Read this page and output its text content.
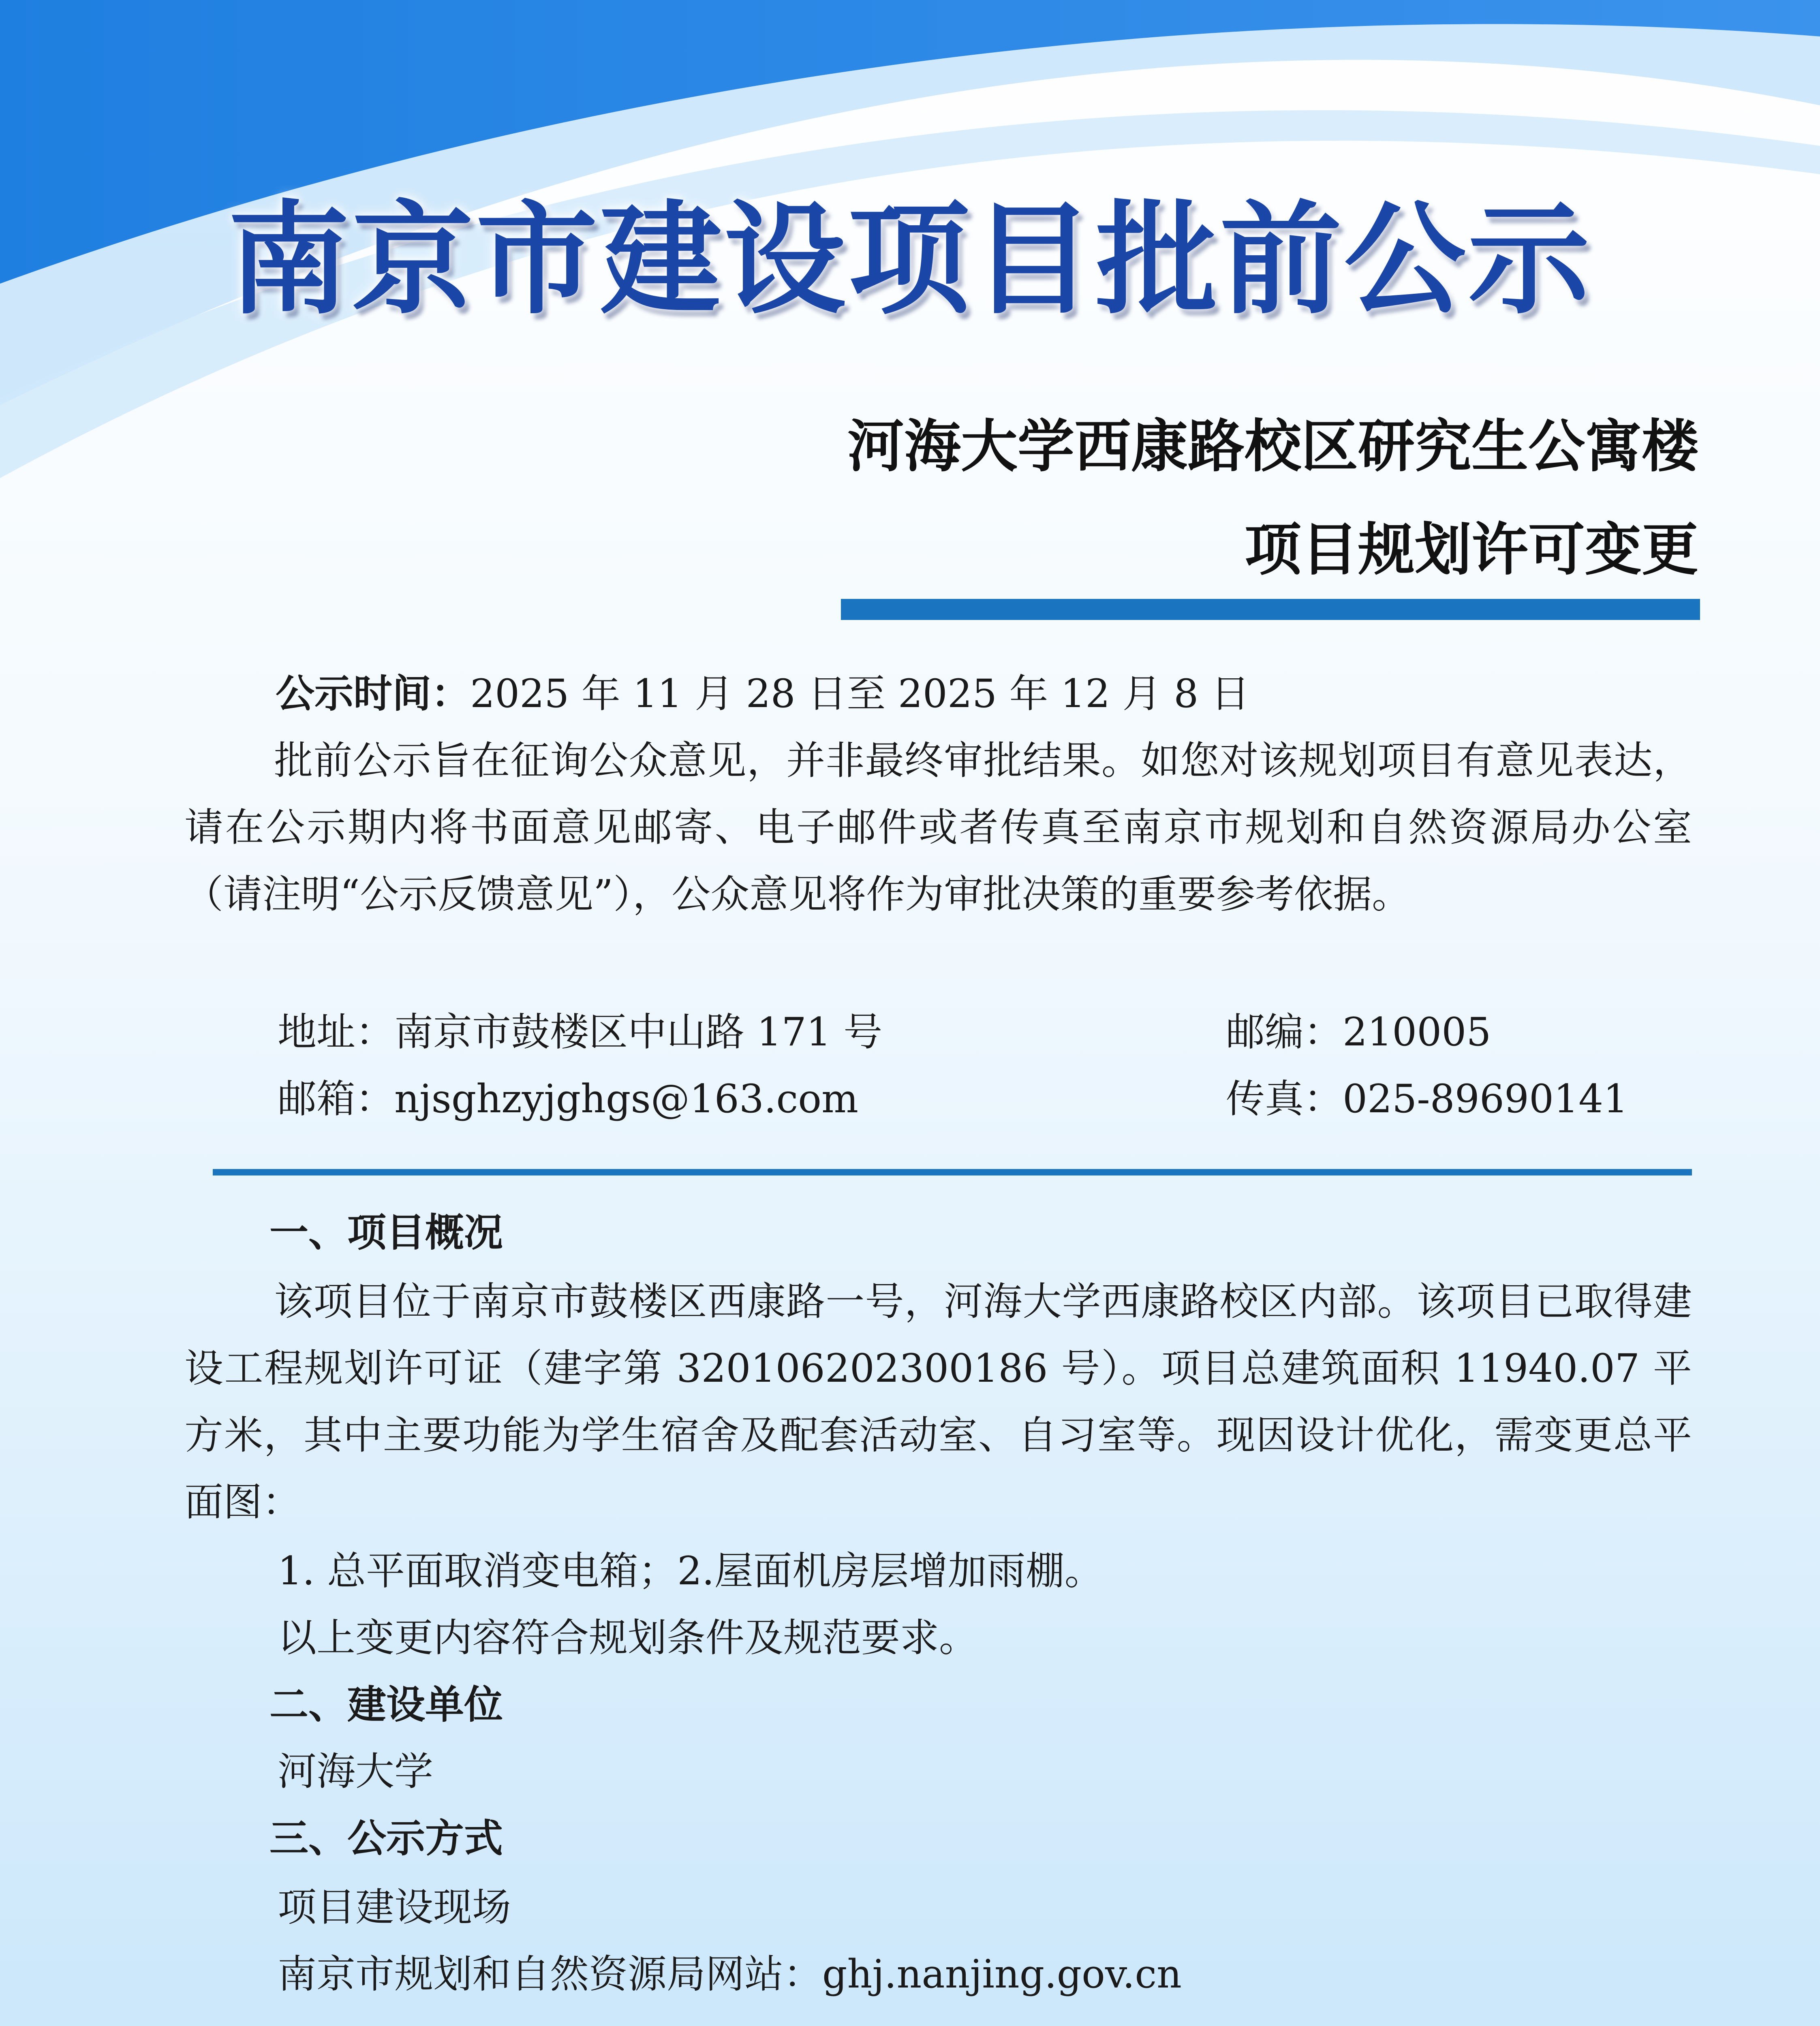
南京市建设项目批前公示
河海大学西康路校区研究生公寓楼
项目规划许可变更
公示时间：2025 年 11 月 28 日至 2025 年 12 月 8 日
批前公示旨在征询公众意见，并非最终审批结果。如您对该规划项目有意见表达，请在公示期内将书面意见邮寄、电子邮件或者传真至南京市规划和自然资源局办公室（请注明“公示反馈意见”），公众意见将作为审批决策的重要参考依据。
地址：南京市鼓楼区中山路 171 号	邮编：210005
邮箱：njsghzyjghgs@163.com	传真：025-89690141
一、项目概况
该项目位于南京市鼓楼区西康路一号，河海大学西康路校区内部。该项目已取得建设工程规划许可证（建字第 320106202300186 号）。项目总建筑面积 11940.07 平方米，其中主要功能为学生宿舍及配套活动室、自习室等。现因设计优化，需变更总平面图：
1. 总平面取消变电箱；2.屋面机房层增加雨棚。
以上变更内容符合规划条件及规范要求。
二、建设单位
河海大学
三、公示方式
项目建设现场
南京市规划和自然资源局网站：ghj.nanjing.gov.cn
